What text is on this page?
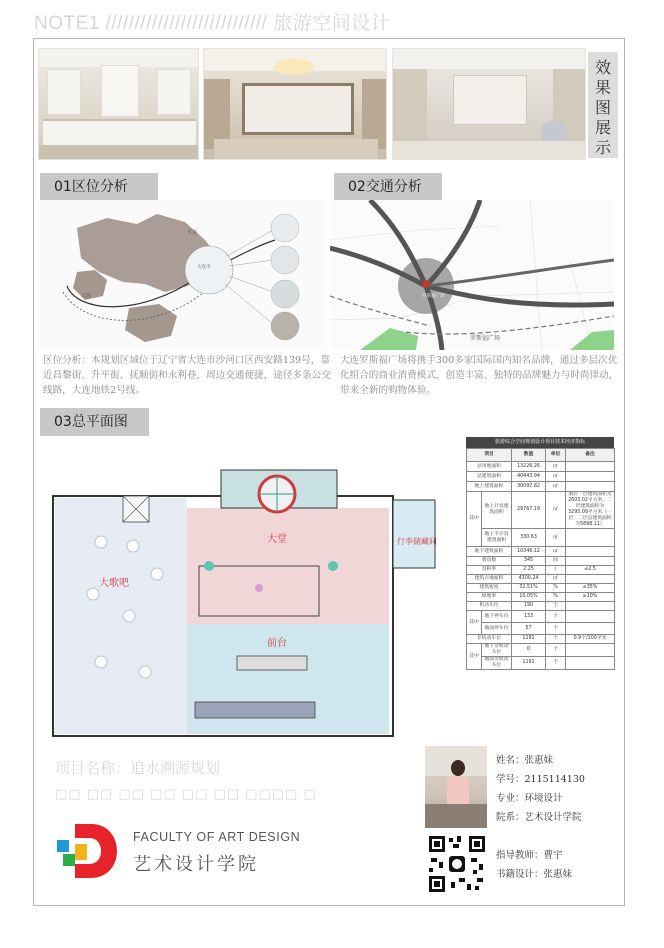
NOTE1 //////////////////////////// 旅游空间设计
效
果
图
展
示
01区位分析
平顶
大连市
大连
区位分析：本规划区域位于辽宁省大连市沙河口区西安路139号，靠近昌黎街、升平街、抚顺街和永利巷，周边交通便捷，途径多条公交线路，大连地铁2号线。
02交通分析
罗斯福广场
罗斯福广场
大连罗斯福广场将携手300多家国际国内知名品牌，通过多层次优化组合的商业消费模式，创造丰富、独特的品牌魅力与时尚律动，带来全新的购物体验。
03总平面图
大堂
大歌吧
前台
行李储藏间
旅游综合空间规划设计项目技术经济指标
项目		数值	单位	备注
总用地面积		13226.26	㎡	
总建筑面积		40443.94	㎡	
地上建筑面积		30097.82	㎡	
其中	地上计容建筑面积	29767.19	㎡	酒店一层建筑面积为2603.02平方米，二层建筑面积为3295.09平方米（一层、二层总建筑面积为5898.11）
	地上不计容建筑面积	330.63	㎡	
地下建筑面积		10346.12	㎡	
客房数		345	间	
容积率		2.25	/	≤2.5
建筑占地面积		4300.24	㎡	
建筑密度		32.51%	%	≤35%
绿地率		10.05%	%	≥10%
机动车位		190	个	
其中	地下停车位	133	个	
	地面停车位	57	个	
非机动车位		1191	个	0.9个/100平米
其中	地下非机动车位	0	个	
	地面非机动车位	1191	个	
项目名称：追水溯源规划
□□ □□ □□ □□ □□ □□ □□□□ □
FACULTY OF ART DESIGN
艺术设计学院
姓名：张惠妹
学号：2115114130
专业：环境设计
院系：艺术设计学院
指导教师：曹宇
书籍设计：张惠妹
